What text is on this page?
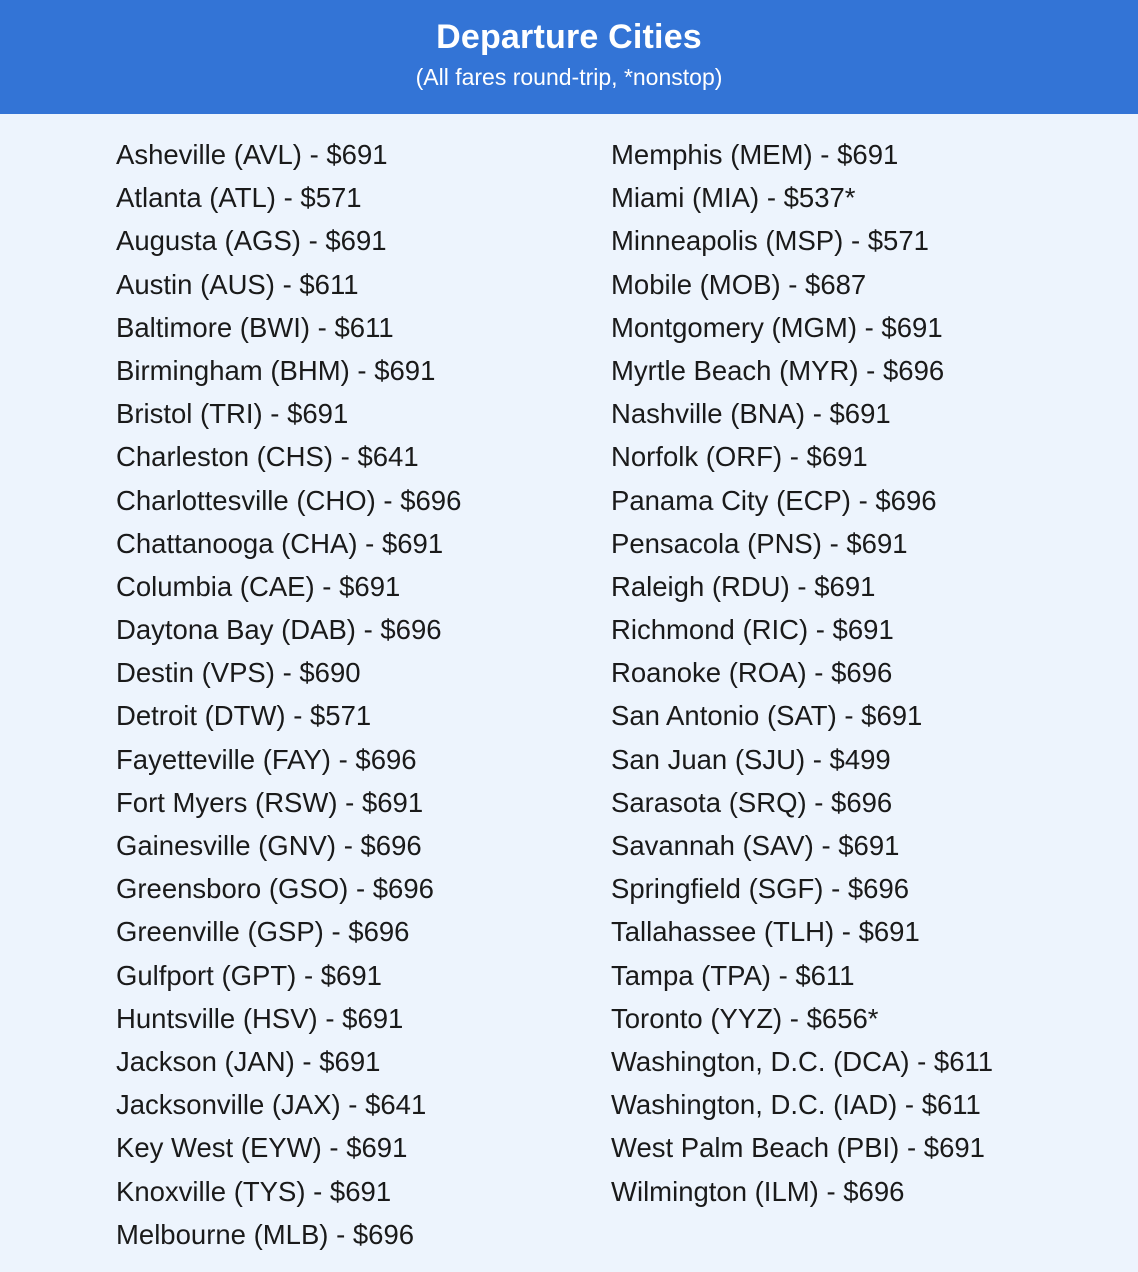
Departure Cities
(All fares round-trip, *nonstop)
Asheville (AVL) - $691
Atlanta (ATL) - $571
Augusta (AGS) - $691
Austin (AUS) - $611
Baltimore (BWI) - $611
Birmingham (BHM) - $691
Bristol (TRI) - $691
Charleston (CHS) - $641
Charlottesville (CHO) - $696
Chattanooga (CHA) - $691
Columbia (CAE) - $691
Daytona Bay (DAB) - $696
Destin (VPS) - $690
Detroit (DTW) - $571
Fayetteville (FAY) - $696
Fort Myers (RSW) - $691
Gainesville (GNV) - $696
Greensboro (GSO) - $696
Greenville (GSP) - $696
Gulfport (GPT) - $691
Huntsville (HSV) - $691
Jackson (JAN) - $691
Jacksonville (JAX) - $641
Key West (EYW) - $691
Knoxville (TYS) - $691
Melbourne (MLB) - $696
Memphis (MEM) - $691
Miami (MIA) - $537*
Minneapolis (MSP) - $571
Mobile (MOB) - $687
Montgomery (MGM) - $691
Myrtle Beach (MYR) - $696
Nashville (BNA) - $691
Norfolk (ORF) - $691
Panama City (ECP) - $696
Pensacola (PNS) - $691
Raleigh (RDU) - $691
Richmond (RIC) - $691
Roanoke (ROA) - $696
San Antonio (SAT) - $691
San Juan (SJU) - $499
Sarasota (SRQ) - $696
Savannah (SAV) - $691
Springfield (SGF) - $696
Tallahassee (TLH) - $691
Tampa (TPA) - $611
Toronto (YYZ) - $656*
Washington, D.C. (DCA) - $611
Washington, D.C. (IAD) - $611
West Palm Beach (PBI) - $691
Wilmington (ILM) - $696
